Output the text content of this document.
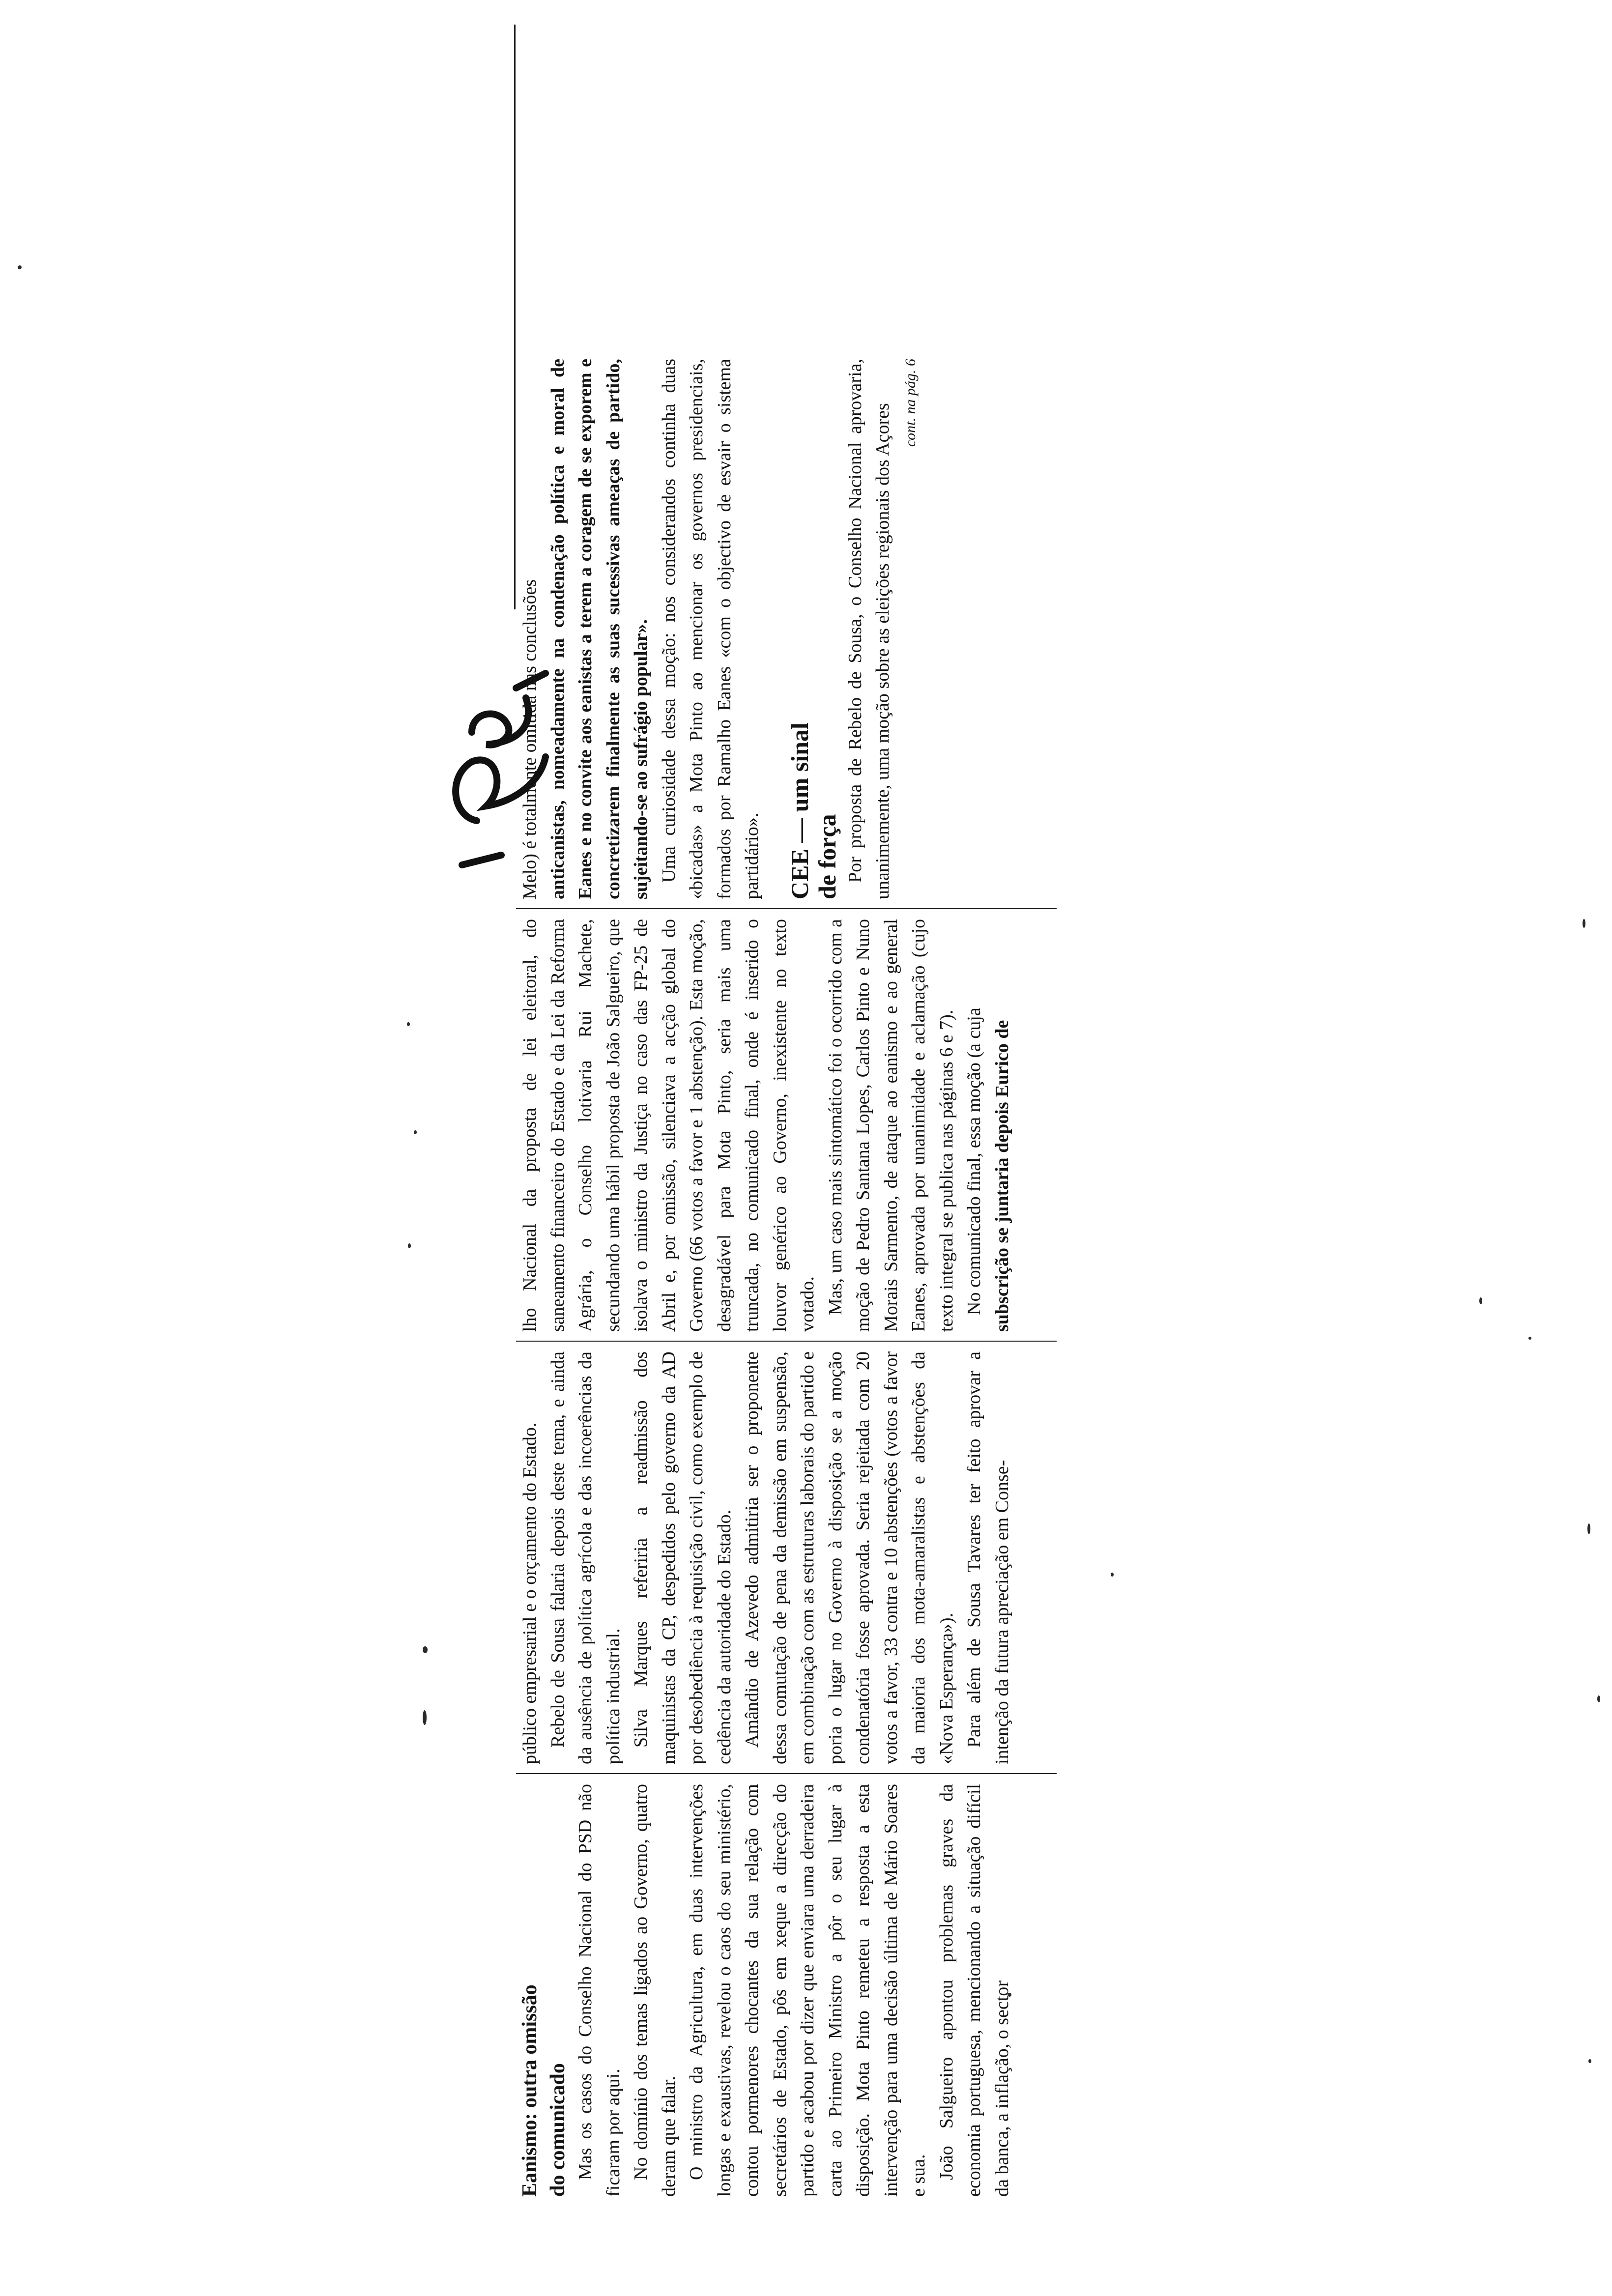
Eanismo: outra omissão do comunicado Mas os casos do Conselho Nacional do PSD não ficaram por aqui. No domínio dos temas ligados ao Governo, quatro deram que falar. O ministro da Agricultura, em duas intervenções longas e exaustivas, revelou o caos do seu ministério, contou pormenores chocantes da sua relação com secretários de Estado, pôs em xeque a direcção do partido e acabou por dizer que enviara uma derradeira carta ao Primeiro Ministro a pôr o seu lugar à disposição. Mota Pinto remeteu a resposta a esta intervenção para uma decisão última de Mário Soares e sua. João Salgueiro apontou problemas graves da economia portuguesa, mencionando a situação difícil da banca, a inflação, o sector

público empresarial e o orçamento do Estado. Rebelo de Sousa falaria depois deste tema, e ainda da ausência de política agrícola e das incoerências da política industrial. Silva Marques referiria a readmissão dos maquinistas da CP, despedidos pelo governo da AD por desobediência à requisição civil, como exemplo de cedência da autoridade do Estado. Amândio de Azevedo admitiria ser o proponente dessa comutação de pena da demissão em suspensão, em combinação com as estruturas laborais do partido e poria o lugar no Governo à disposição se a moção condenatória fosse aprovada. Seria rejeitada com 20 votos a favor, 33 contra e 10 abstenções (votos a favor da maioria dos mota-amaralistas e abstenções da «Nova Esperança»). Para além de Sousa Tavares ter feito aprovar a intenção da futura apreciação em Conse-

lho Nacional da proposta de lei eleitoral, do saneamento financeiro do Estado e da Lei da Reforma Agrária, o Conselho lotivaria Rui Machete, secundando uma hábil proposta de João Salgueiro, que isolava o ministro da Justiça no caso das FP-25 de Abril e, por omissão, silenciava a acção global do Governo (66 votos a favor e 1 abstenção). Esta moção, desagradável para Mota Pinto, seria mais uma truncada, no comunicado final, onde é inserido o louvor genérico ao Governo, inexistente no texto votado. Mas, um caso mais sintomático foi o ocorrido com a moção de Pedro Santana Lopes, Carlos Pinto e Nuno Morais Sarmento, de ataque ao eanismo e ao general Eanes, aprovada por unanimidade e aclamação (cujo texto integral se publica nas páginas 6 e 7). No comunicado final, essa moção (a cuja subscrição se juntaria depois Eurico de

Melo) é totalmente omitida nas conclusões anticanistas, nomeadamente na condenação política e moral de Eanes e no convite aos eanistas a terem a coragem de se exporem e concretizarem finalmente as suas sucessivas ameaças de partido, sujeitando-se ao sufrágio popular». Uma curiosidade dessa moção: nos considerandos continha duas «bicadas» a Mota Pinto ao mencionar os governos presidenciais, formados por Ramalho Eanes «com o objectivo de esvair o sistema partidário». CEE — um sinal de força Por proposta de Rebelo de Sousa, o Conselho Nacional aprovaria, unanimemente, uma moção sobre as eleições regionais dos Açores

cont. na pág. 6
